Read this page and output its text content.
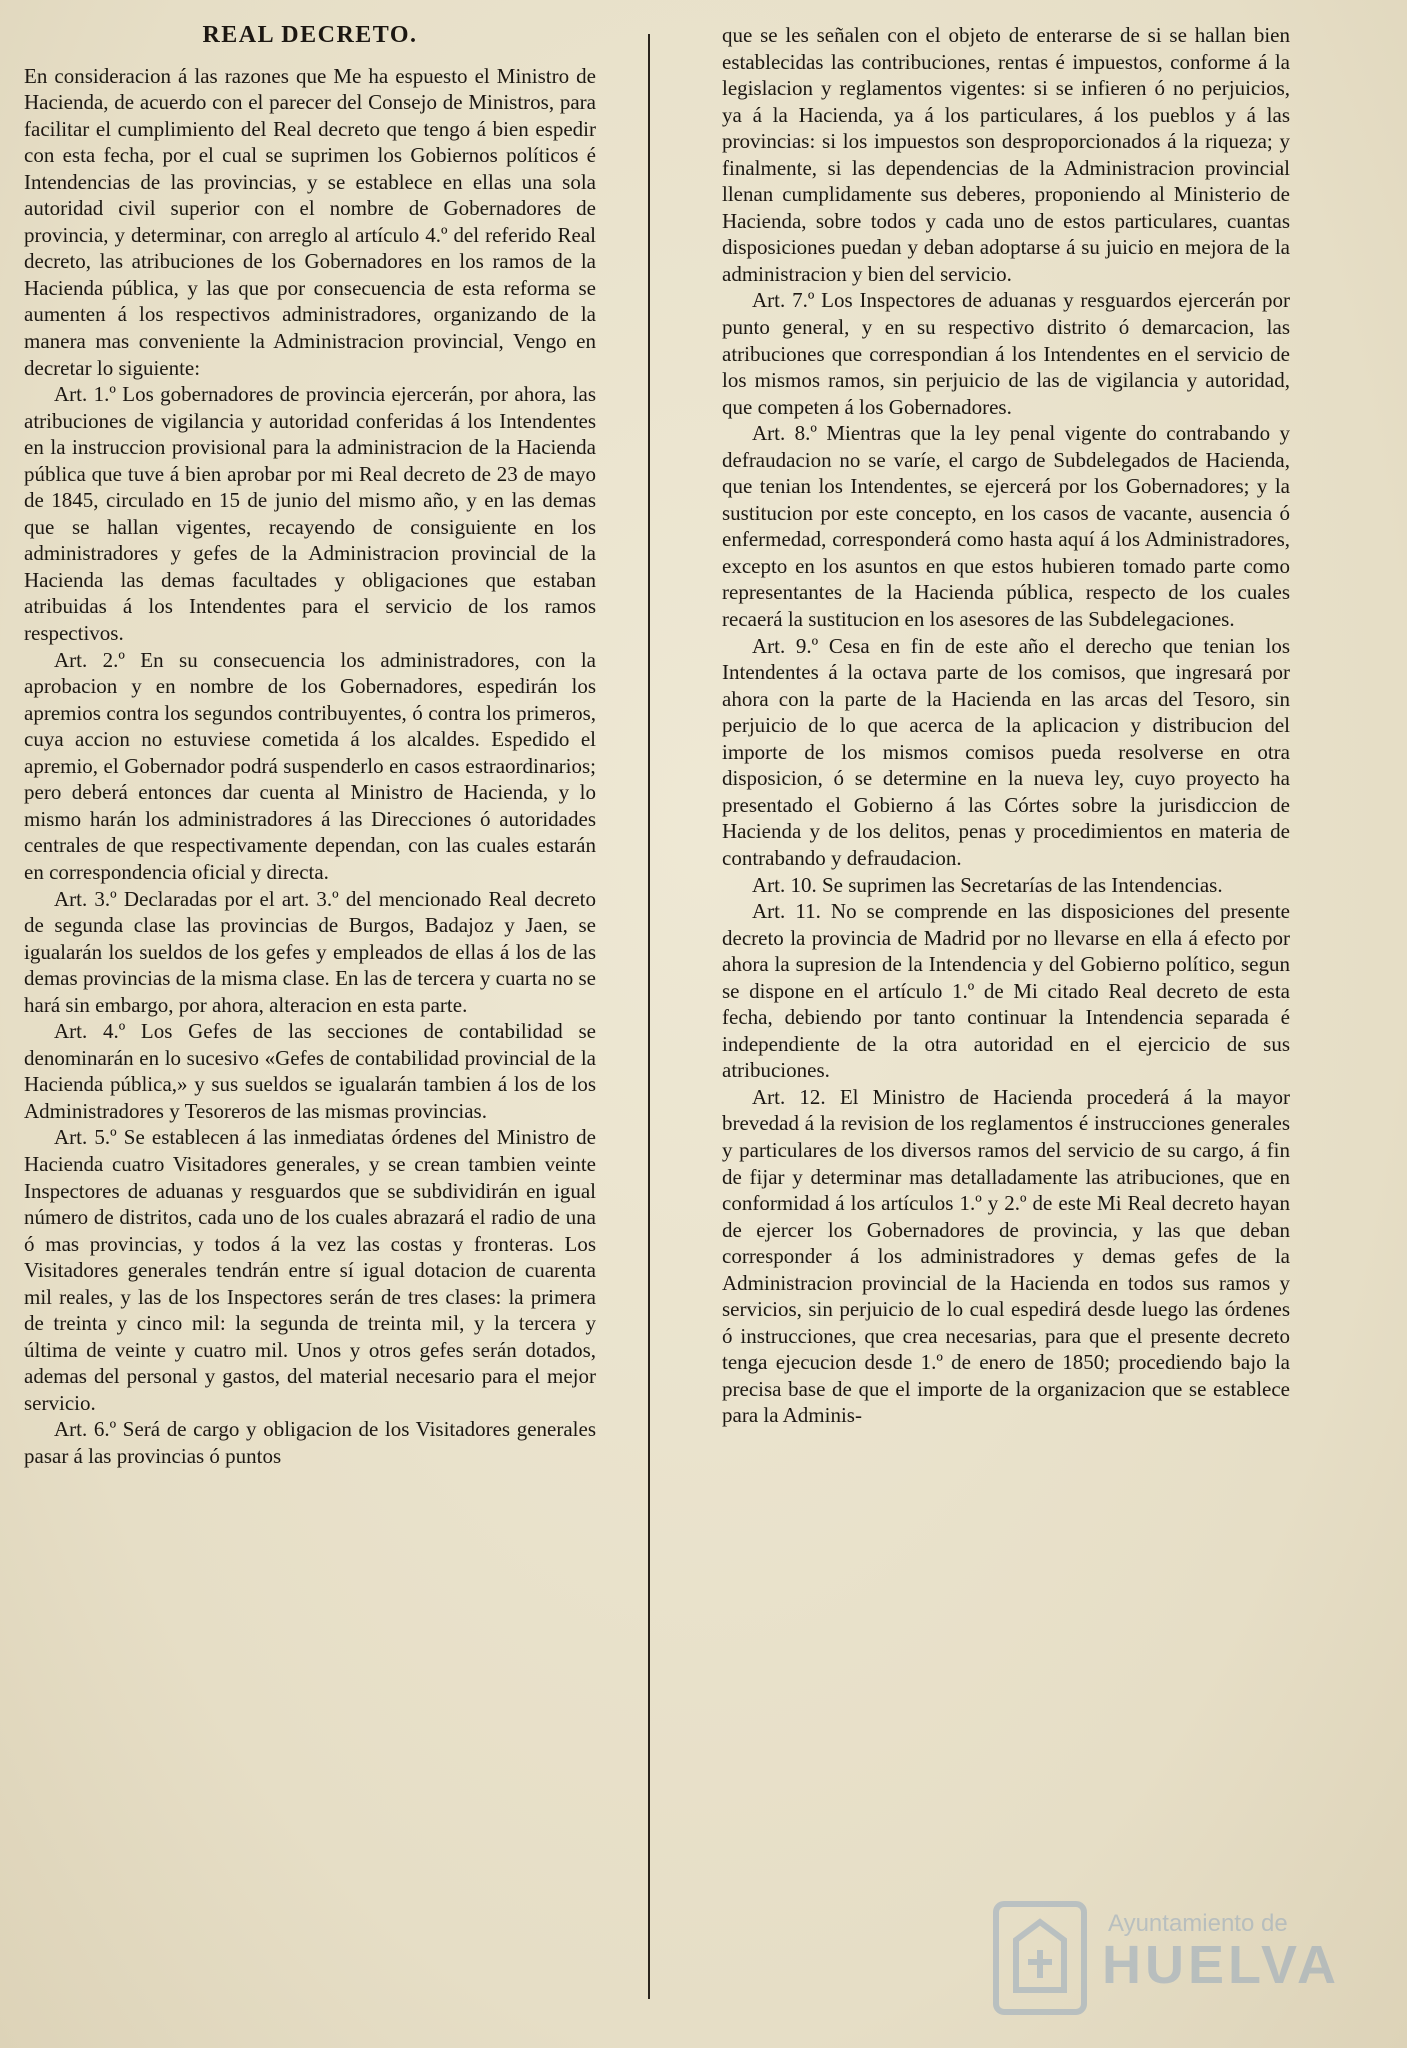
REAL DECRETO.

En consideracion á las razones que Me ha espuesto el Ministro de Hacienda, de acuerdo con el parecer del Consejo de Ministros, para facilitar el cumplimiento del Real decreto que tengo á bien espedir con esta fecha, por el cual se suprimen los Gobiernos políticos é Intendencias de las provincias, y se establece en ellas una sola autoridad civil superior con el nombre de Gobernadores de provincia, y determinar, con arreglo al artículo 4.º del referido Real decreto, las atribuciones de los Gobernadores en los ramos de la Hacienda pública, y las que por consecuencia de esta reforma se aumenten á los respectivos administradores, organizando de la manera mas conveniente la Administracion provincial, Vengo en decretar lo siguiente:

Art. 1.º Los gobernadores de provincia ejercerán, por ahora, las atribuciones de vigilancia y autoridad conferidas á los Intendentes en la instruccion provisional para la administracion de la Hacienda pública que tuve á bien aprobar por mi Real decreto de 23 de mayo de 1845, circulado en 15 de junio del mismo año, y en las demas que se hallan vigentes, recayendo de consiguiente en los administradores y gefes de la Administracion provincial de la Hacienda las demas facultades y obligaciones que estaban atribuidas á los Intendentes para el servicio de los ramos respectivos.

Art. 2.º En su consecuencia los administradores, con la aprobacion y en nombre de los Gobernadores, espedirán los apremios contra los segundos contribuyentes, ó contra los primeros, cuya accion no estuviese cometida á los alcaldes. Espedido el apremio, el Gobernador podrá suspenderlo en casos estraordinarios; pero deberá entonces dar cuenta al Ministro de Hacienda, y lo mismo harán los administradores á las Direcciones ó autoridades centrales de que respectivamente dependan, con las cuales estarán en correspondencia oficial y directa.

Art. 3.º Declaradas por el art. 3.º del mencionado Real decreto de segunda clase las provincias de Burgos, Badajoz y Jaen, se igualarán los sueldos de los gefes y empleados de ellas á los de las demas provincias de la misma clase. En las de tercera y cuarta no se hará sin embargo, por ahora, alteracion en esta parte.

Art. 4.º Los Gefes de las secciones de contabilidad se denominarán en lo sucesivo «Gefes de contabilidad provincial de la Hacienda pública,» y sus sueldos se igualarán tambien á los de los Administradores y Tesoreros de las mismas provincias.

Art. 5.º Se establecen á las inmediatas órdenes del Ministro de Hacienda cuatro Visitadores generales, y se crean tambien veinte Inspectores de aduanas y resguardos que se subdividirán en igual número de distritos, cada uno de los cuales abrazará el radio de una ó mas provincias, y todos á la vez las costas y fronteras. Los Visitadores generales tendrán entre sí igual dotacion de cuarenta mil reales, y las de los Inspectores serán de tres clases: la primera de treinta y cinco mil: la segunda de treinta mil, y la tercera y última de veinte y cuatro mil. Unos y otros gefes serán dotados, ademas del personal y gastos, del material necesario para el mejor servicio.

Art. 6.º Será de cargo y obligacion de los Visitadores generales pasar á las provincias ó puntos

que se les señalen con el objeto de enterarse de si se hallan bien establecidas las contribuciones, rentas é impuestos, conforme á la legislacion y reglamentos vigentes: si se infieren ó no perjuicios, ya á la Hacienda, ya á los particulares, á los pueblos y á las provincias: si los impuestos son desproporcionados á la riqueza; y finalmente, si las dependencias de la Administracion provincial llenan cumplidamente sus deberes, proponiendo al Ministerio de Hacienda, sobre todos y cada uno de estos particulares, cuantas disposiciones puedan y deban adoptarse á su juicio en mejora de la administracion y bien del servicio.

Art. 7.º Los Inspectores de aduanas y resguardos ejercerán por punto general, y en su respectivo distrito ó demarcacion, las atribuciones que correspondian á los Intendentes en el servicio de los mismos ramos, sin perjuicio de las de vigilancia y autoridad, que competen á los Gobernadores.

Art. 8.º Mientras que la ley penal vigente do contrabando y defraudacion no se varíe, el cargo de Subdelegados de Hacienda, que tenian los Intendentes, se ejercerá por los Gobernadores; y la sustitucion por este concepto, en los casos de vacante, ausencia ó enfermedad, corresponderá como hasta aquí á los Administradores, excepto en los asuntos en que estos hubieren tomado parte como representantes de la Hacienda pública, respecto de los cuales recaerá la sustitucion en los asesores de las Subdelegaciones.

Art. 9.º Cesa en fin de este año el derecho que tenian los Intendentes á la octava parte de los comisos, que ingresará por ahora con la parte de la Hacienda en las arcas del Tesoro, sin perjuicio de lo que acerca de la aplicacion y distribucion del importe de los mismos comisos pueda resolverse en otra disposicion, ó se determine en la nueva ley, cuyo proyecto ha presentado el Gobierno á las Córtes sobre la jurisdiccion de Hacienda y de los delitos, penas y procedimientos en materia de contrabando y defraudacion.

Art. 10. Se suprimen las Secretarías de las Intendencias.

Art. 11. No se comprende en las disposiciones del presente decreto la provincia de Madrid por no llevarse en ella á efecto por ahora la supresion de la Intendencia y del Gobierno político, segun se dispone en el artículo 1.º de Mi citado Real decreto de esta fecha, debiendo por tanto continuar la Intendencia separada é independiente de la otra autoridad en el ejercicio de sus atribuciones.

Art. 12. El Ministro de Hacienda procederá á la mayor brevedad á la revision de los reglamentos é instrucciones generales y particulares de los diversos ramos del servicio de su cargo, á fin de fijar y determinar mas detalladamente las atribuciones, que en conformidad á los artículos 1.º y 2.º de este Mi Real decreto hayan de ejercer los Gobernadores de provincia, y las que deban corresponder á los administradores y demas gefes de la Administracion provincial de la Hacienda en todos sus ramos y servicios, sin perjuicio de lo cual espedirá desde luego las órdenes ó instrucciones, que crea necesarias, para que el presente decreto tenga ejecucion desde 1.º de enero de 1850; procediendo bajo la precisa base de que el importe de la organizacion que se establece para la Adminis-

Ayuntamiento de
HUELVA
